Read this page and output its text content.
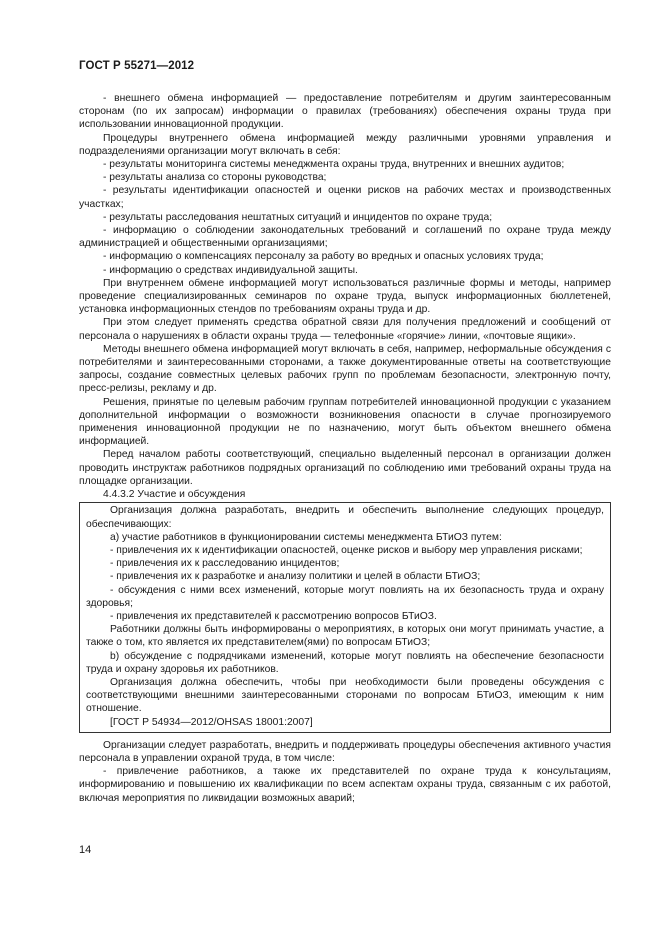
ГОСТ Р 55271—2012

- внешнего обмена информацией — предоставление потребителям и другим заинтересованным сторонам (по их запросам) информации о правилах (требованиях) обеспечения охраны труда при использовании инновационной продукции.

Процедуры внутреннего обмена информацией между различными уровнями управления и подразделениями организации могут включать в себя:

- результаты мониторинга системы менеджмента охраны труда, внутренних и внешних аудитов;

- результаты анализа со стороны руководства;

- результаты идентификации опасностей и оценки рисков на рабочих местах и производственных участках;

- результаты расследования нештатных ситуаций и инцидентов по охране труда;

- информацию о соблюдении законодательных требований и соглашений по охране труда между администрацией и общественными организациями;

- информацию о компенсациях персоналу за работу во вредных и опасных условиях труда;

- информацию о средствах индивидуальной защиты.

При внутреннем обмене информацией могут использоваться различные формы и методы, например проведение специализированных семинаров по охране труда, выпуск информационных бюллетеней, установка информационных стендов по требованиям охраны труда и др.

При этом следует применять средства обратной связи для получения предложений и сообщений от персонала о нарушениях в области охраны труда — телефонные «горячие» линии, «почтовые ящики».

Методы внешнего обмена информацией могут включать в себя, например, неформальные обсуждения с потребителями и заинтересованными сторонами, а также документированные ответы на соответствующие запросы, создание совместных целевых рабочих групп по проблемам безопасности, электронную почту, пресс-релизы, рекламу и др.

Решения, принятые по целевым рабочим группам потребителей инновационной продукции с указанием дополнительной информации о возможности возникновения опасности в случае прогнозируемого применения инновационной продукции не по назначению, могут быть объектом внешнего обмена информацией.

Перед началом работы соответствующий, специально выделенный персонал в организации должен проводить инструктаж работников подрядных организаций по соблюдению ими требований охраны труда на площадке организации.

4.4.3.2 Участие и обсуждения

Организация должна разработать, внедрить и обеспечить выполнение следующих процедур, обеспечивающих:

a) участие работников в функционировании системы менеджмента БТиОЗ путем:

- привлечения их к идентификации опасностей, оценке рисков и выбору мер управления рисками;

- привлечения их к расследованию инцидентов;

- привлечения их к разработке и анализу политики и целей в области БТиОЗ;

- обсуждения с ними всех изменений, которые могут повлиять на их безопасность труда и охрану здоровья;

- привлечения их представителей к рассмотрению вопросов БТиОЗ.

Работники должны быть информированы о мероприятиях, в которых они могут принимать участие, а также о том, кто является их представителем(ями) по вопросам БТиОЗ;

b) обсуждение с подрядчиками изменений, которые могут повлиять на обеспечение безопасности труда и охрану здоровья их работников.

Организация должна обеспечить, чтобы при необходимости были проведены обсуждения с соответствующими внешними заинтересованными сторонами по вопросам БТиОЗ, имеющим к ним отношение.

[ГОСТ Р 54934—2012/OHSAS 18001:2007]

Организации следует разработать, внедрить и поддерживать процедуры обеспечения активного участия персонала в управлении охраной труда, в том числе:

- привлечение работников, а также их представителей по охране труда к консультациям, информированию и повышению их квалификации по всем аспектам охраны труда, связанным с их работой, включая мероприятия по ликвидации возможных аварий;

14
